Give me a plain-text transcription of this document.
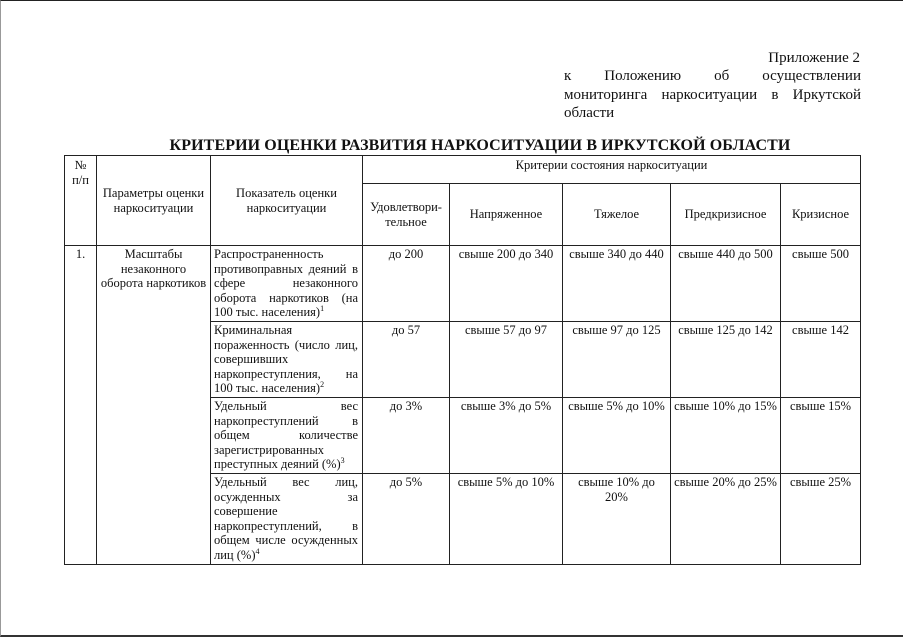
Приложение 2
к Положению об осуществлении
мониторинга наркоситуации в Иркутской
области
КРИТЕРИИ ОЦЕНКИ РАЗВИТИЯ НАРКОСИТУАЦИИ В ИРКУТСКОЙ ОБЛАСТИ
№ п/п	Параметры оценки наркоситуации	Показатель оценки наркоситуации	Критерии состояния наркоситуации				
			Удовлетвори-тельное	Напряженное	Тяжелое	Предкризисное	Кризисное
1.	Масштабы незаконного оборота наркотиков	Распространенность противоправных деяний в сфере незаконного оборота наркотиков (на 100 тыс. населения)$^1$	до 200	свыше 200 до 340	свыше 340 до 440	свыше 440 до 500	свыше 500
		Криминальная пораженность (число лиц, совершивших наркопреступления, на 100 тыс. населения)$^2$	до 57	свыше 57 до 97	свыше 97 до 125	свыше 125 до 142	свыше 142
		Удельный вес наркопреступлений в общем количестве зарегистрированных преступных деяний (%)$^3$	до 3%	свыше 3% до 5%	свыше 5% до 10%	свыше 10% до 15%	свыше 15%
		Удельный вес лиц, осужденных за совершение наркопреступлений, в общем числе осужденных лиц (%)$^4$	до 5%	свыше 5% до 10%	свыше 10% до 20%	свыше 20% до 25%	свыше 25%
